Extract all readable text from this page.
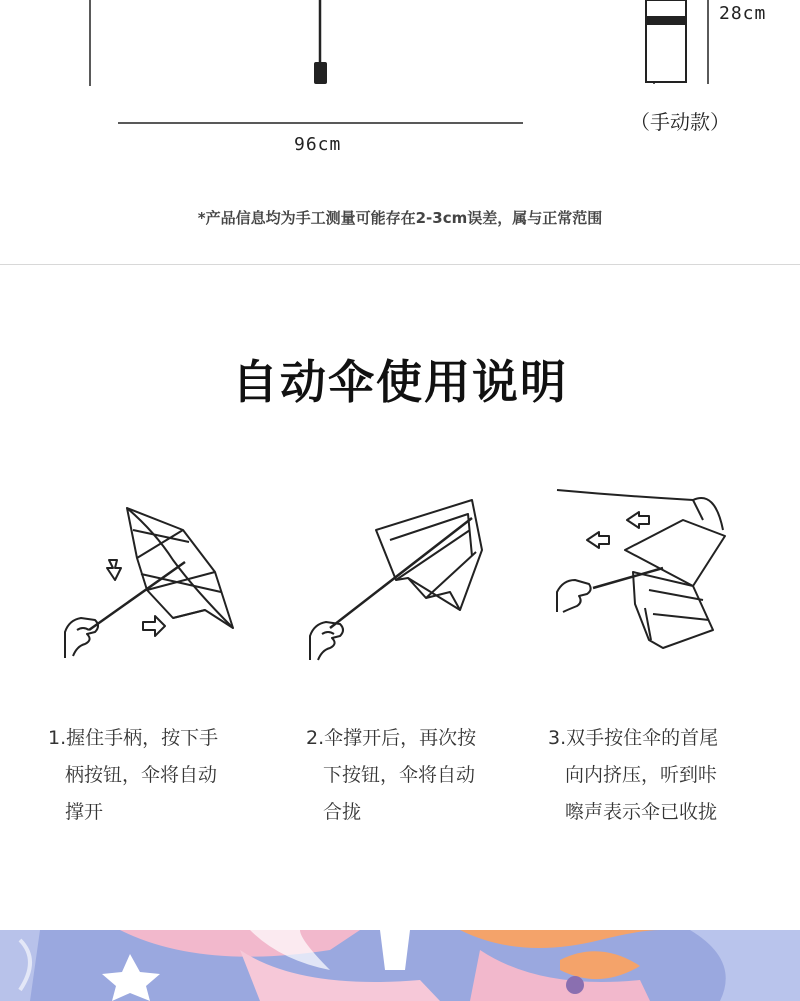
96cm
28cm
（手动款）
*产品信息均为手工测量可能存在2-3cm误差，属与正常范围
自动伞使用说明
1.握住手柄，按下手
柄按钮，伞将自动
撑开
2.伞撑开后，再次按
下按钮，伞将自动
合拢
3.双手按住伞的首尾
向内挤压，听到咔
嚓声表示伞已收拢
